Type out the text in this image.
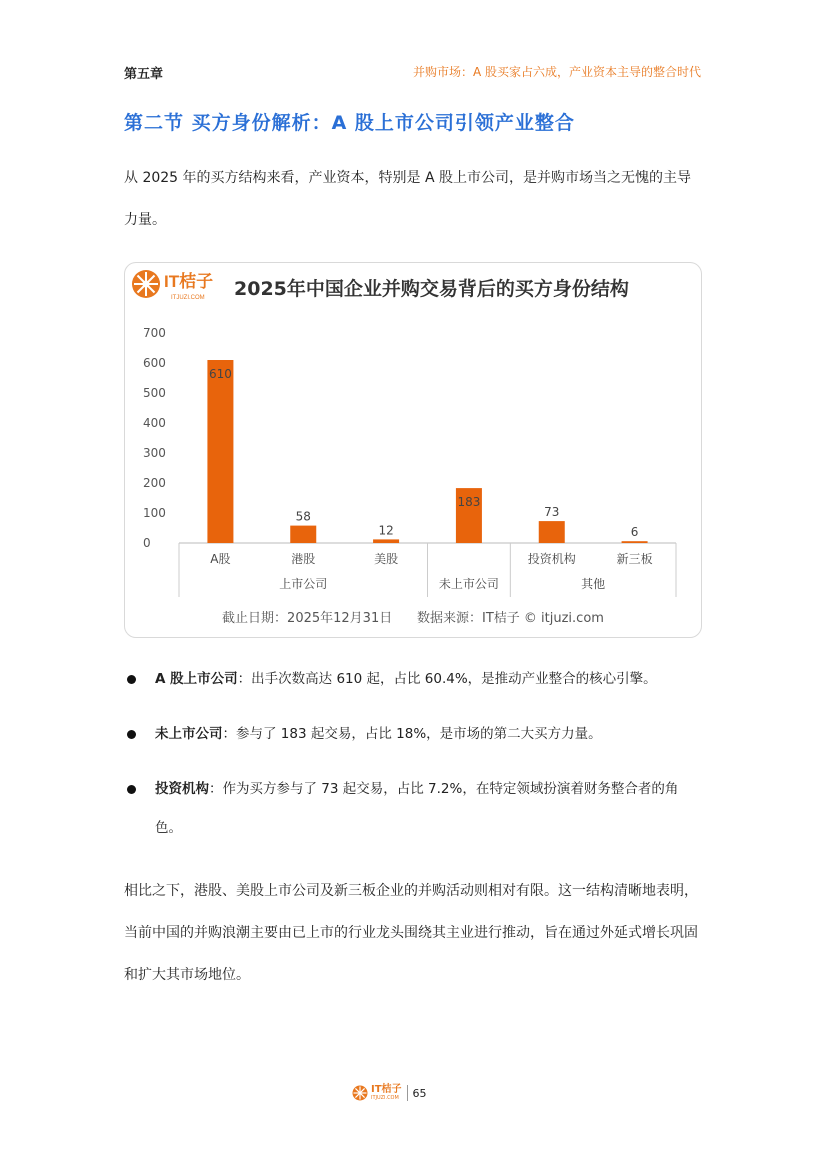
第五章	并购市场：A 股买家占六成，产业资本主导的整合时代
第二节 买方身份解析：A 股上市公司引领产业整合
从 2025 年的买方结构来看，产业资本，特别是 A 股上市公司，是并购市场当之无愧的主导力量。
IT桔子
ITJUZI.COM 2025年中国企业并购交易背后的买方身份结构
0
100
200
300
400
500
600
700
610
58
12
183
73
6
A股	港股	美股	投资机构	新三板
上市公司	未上市公司	其他
截止日期：2025年12月31日      数据来源：IT桔子 © itjuzi.com
A 股上市公司：出手次数高达 610 起，占比 60.4%，是推动产业整合的核心引擎。
未上市公司：参与了 183 起交易，占比 18%，是市场的第二大买方力量。
投资机构：作为买方参与了 73 起交易，占比 7.2%，在特定领域扮演着财务整合者的角色。
相比之下，港股、美股上市公司及新三板企业的并购活动则相对有限。这一结构清晰地表明，当前中国的并购浪潮主要由已上市的行业龙头围绕其主业进行推动，旨在通过外延式增长巩固和扩大其市场地位。
IT桔子
ITJUZI.COM 65
